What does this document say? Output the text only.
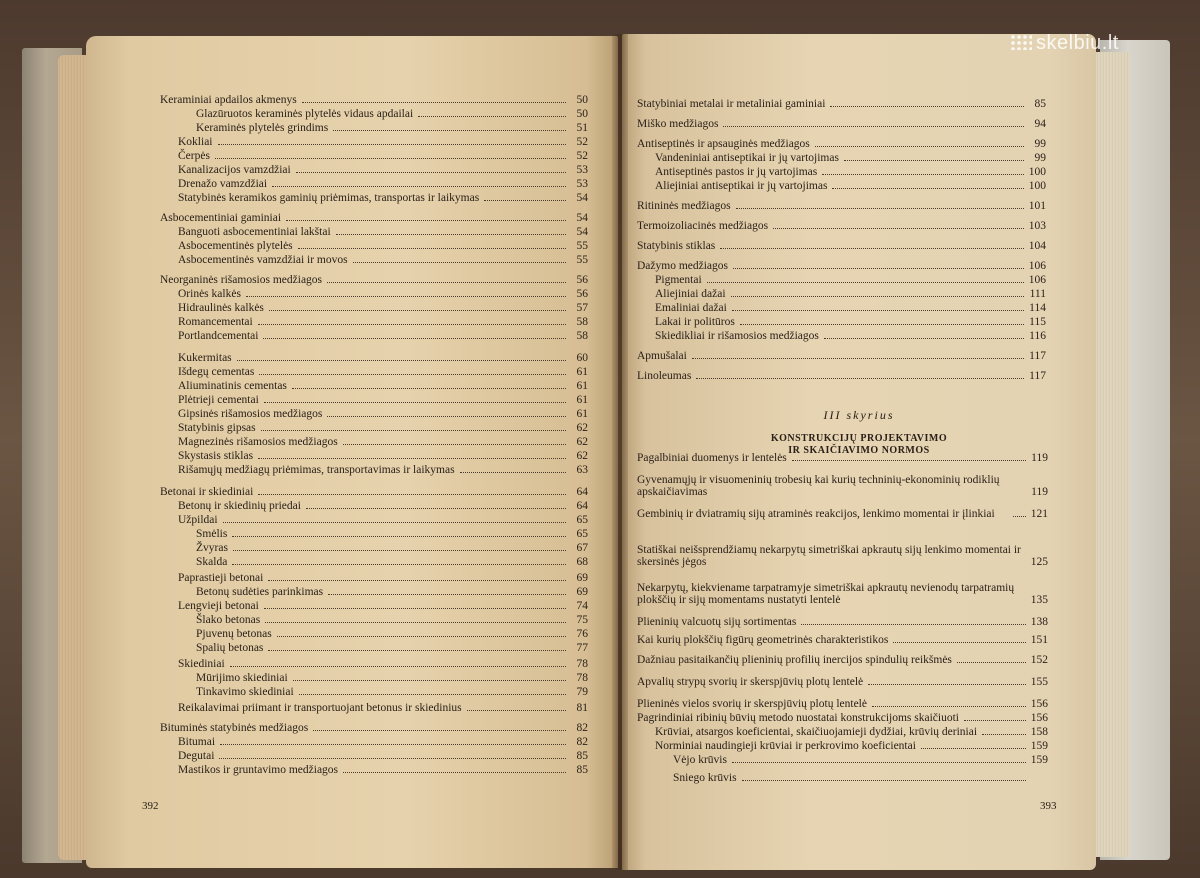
Keraminiai apdailos akmenys	50
Glazūruotos keraminės plytelės vidaus apdailai	50
Keraminės plytelės grindims	51
Kokliai	52
Čerpės	52
Kanalizacijos vamzdžiai	53
Drenažo vamzdžiai	53
Statybinės keramikos gaminių priėmimas, transportas ir laikymas	54
Asbocementiniai gaminiai	54
Banguoti asbocementiniai lakštai	54
Asbocementinės plytelės	55
Asbocementinės vamzdžiai ir movos	55
Neorganinės rišamosios medžiagos	56
Orinės kalkės	56
Hidraulinės kalkės	57
Romancementai	58
Portlandcementai	58
Kukermitas	60
Išdegų cementas	61
Aliuminatinis cementas	61
Plėtrieji cementai	61
Gipsinės rišamosios medžiagos	61
Statybinis gipsas	62
Magnezinės rišamosios medžiagos	62
Skystasis stiklas	62
Rišamųjų medžiagų priėmimas, transportavimas ir laikymas	63
Betonai ir skiediniai	64
Betonų ir skiedinių priedai	64
Užpildai	65
Smėlis	65
Žvyras	67
Skalda	68
Paprastieji betonai	69
Betonų sudėties parinkimas	69
Lengvieji betonai	74
Šlako betonas	75
Pjuvenų betonas	76
Spalių betonas	77
Skiediniai	78
Mūrijimo skiediniai	78
Tinkavimo skiediniai	79
Reikalavimai priimant ir transportuojant betonus ir skiedinius	81
Bituminės statybinės medžiagos	82
Bitumai	82
Degutai	85
Mastikos ir gruntavimo medžiagos	85
Statybiniai metalai ir metaliniai gaminiai	85
Miško medžiagos	94
Antiseptinės ir apsauginės medžiagos	99
Vandeniniai antiseptikai ir jų vartojimas	99
Antiseptinės pastos ir jų vartojimas	100
Aliejiniai antiseptikai ir jų vartojimas	100
Ritininės medžiagos	101
Termoizoliacinės medžiagos	103
Statybinis stiklas	104
Dažymo medžiagos	106
Pigmentai	106
Aliejiniai dažai	111
Emaliniai dažai	114
Lakai ir politūros	115
Skiedikliai ir rišamosios medžiagos	116
Apmušalai	117
Linoleumas	117
Pagalbiniai duomenys ir lentelės	119
Gyvenamųjų ir visuomeninių trobesių kai kurių techninių-ekonominių rodiklių apskaičiavimas	119
Gembinių ir dviatramių sijų atraminės reakcijos, lenkimo momentai ir įlinkiai	121
Statiškai neišsprendžiamų nekarpytų simetriškai apkrautų sijų lenkimo momentai ir skersinės jėgos	125
Nekarpytų, kiekviename tarpatramyje simetriškai apkrautų nevienodų tarpatramių plokščių ir sijų momentams nustatyti lentelė	135
Plieninių valcuotų sijų sortimentas	138
Kai kurių plokščių figūrų geometrinės charakteristikos	151
Dažniau pasitaikančių plieninių profilių inercijos spindulių reikšmės	152
Apvalių strypų svorių ir skerspjūvių plotų lentelė	155
Plieninės vielos svorių ir skerspjūvių plotų lentelė	156
Pagrindiniai ribinių būvių metodo nuostatai konstrukcijoms skaičiuoti	156
Krūviai, atsargos koeficientai, skaičiuojamieji dydžiai, krūvių deriniai	158
Norminiai naudingieji krūviai ir perkrovimo koeficientai	159
Vėjo krūvis	159
Sniego krūvis
392	393
III skyrius
KONSTRUKCIJŲ PROJEKTAVIMO
IR SKAIČIAVIMO NORMOS
skelbiu.lt
